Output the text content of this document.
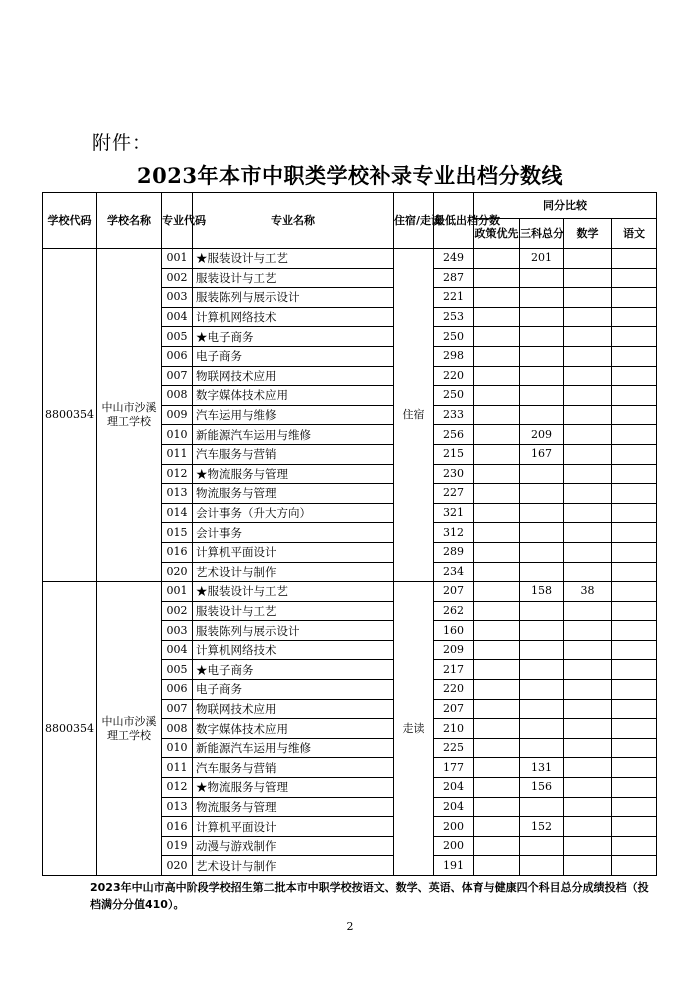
附件：
2023年本市中职类学校补录专业出档分数线
学校代码	学校名称	专业代码	专业名称	住宿/走读	最低出档分数	同分比较			
						政策优先	三科总分	数学	语文
8800354	中山市沙溪理工学校	001	★服装设计与工艺	住宿	249		201		
		002	服装设计与工艺		287				
		003	服装陈列与展示设计		221				
		004	计算机网络技术		253				
		005	★电子商务		250				
		006	电子商务		298				
		007	物联网技术应用		220				
		008	数字媒体技术应用		250				
		009	汽车运用与维修		233				
		010	新能源汽车运用与维修		256		209		
		011	汽车服务与营销		215		167		
		012	★物流服务与管理		230				
		013	物流服务与管理		227				
		014	会计事务（升大方向）		321				
		015	会计事务		312				
		016	计算机平面设计		289				
		020	艺术设计与制作		234				
8800354	中山市沙溪理工学校	001	★服装设计与工艺	走读	207		158	38	
		002	服装设计与工艺		262				
		003	服装陈列与展示设计		160				
		004	计算机网络技术		209				
		005	★电子商务		217				
		006	电子商务		220				
		007	物联网技术应用		207				
		008	数字媒体技术应用		210				
		010	新能源汽车运用与维修		225				
		011	汽车服务与营销		177		131		
		012	★物流服务与管理		204		156		
		013	物流服务与管理		204				
		016	计算机平面设计		200		152		
		019	动漫与游戏制作		200				
		020	艺术设计与制作		191				
2023年中山市高中阶段学校招生第二批本市中职学校按语文、数学、英语、体育与健康四个科目总分成绩投档（投档满分分值410）。
2
